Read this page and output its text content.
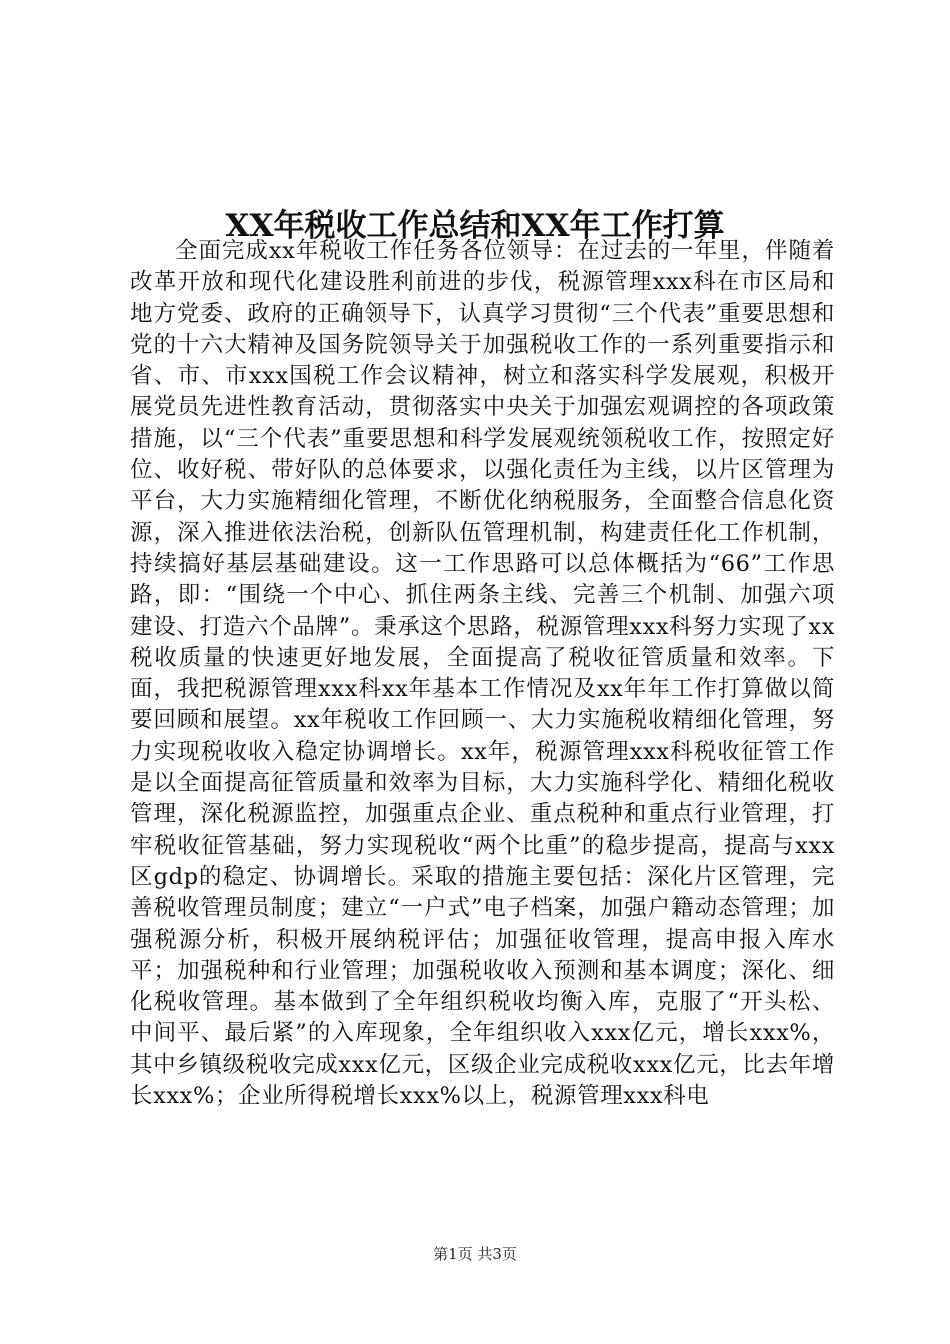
XX年税收工作总结和XX年工作打算

全面完成xx年税收工作任务各位领导：在过去的一年里，伴随着改革开放和现代化建设胜利前进的步伐，税源管理xxx科在市区局和地方党委、政府的正确领导下，认真学习贯彻“三个代表”重要思想和党的十六大精神及国务院领导关于加强税收工作的一系列重要指示和省、市、市xxx国税工作会议精神，树立和落实科学发展观，积极开展党员先进性教育活动，贯彻落实中央关于加强宏观调控的各项政策措施，以“三个代表”重要思想和科学发展观统领税收工作，按照定好位、收好税、带好队的总体要求，以强化责任为主线，以片区管理为平台，大力实施精细化管理，不断优化纳税服务，全面整合信息化资源，深入推进依法治税，创新队伍管理机制，构建责任化工作机制，持续搞好基层基础建设。这一工作思路可以总体概括为“66”工作思路，即：“围绕一个中心、抓住两条主线、完善三个机制、加强六项建设、打造六个品牌”。秉承这个思路，税源管理xxx科努力实现了xx税收质量的快速更好地发展，全面提高了税收征管质量和效率。下面，我把税源管理xxx科xx年基本工作情况及xx年年工作打算做以简要回顾和展望。xx年税收工作回顾一、大力实施税收精细化管理，努力实现税收收入稳定协调增长。xx年，税源管理xxx科税收征管工作是以全面提高征管质量和效率为目标，大力实施科学化、精细化税收管理，深化税源监控，加强重点企业、重点税种和重点行业管理，打牢税收征管基础，努力实现税收“两个比重”的稳步提高，提高与xxx区gdp的稳定、协调增长。采取的措施主要包括：深化片区管理，完善税收管理员制度；建立“一户式”电子档案，加强户籍动态管理；加强税源分析，积极开展纳税评估；加强征收管理，提高申报入库水平；加强税种和行业管理；加强税收收入预测和基本调度；深化、细化税收管理。基本做到了全年组织税收均衡入库，克服了“开头松、中间平、最后紧”的入库现象，全年组织收入xxx亿元，增长xxx%，其中乡镇级税收完成xxx亿元，区级企业完成税收xxx亿元，比去年增长xxx%；企业所得税增长xxx%以上，税源管理xxx科电

第1页 共3页
